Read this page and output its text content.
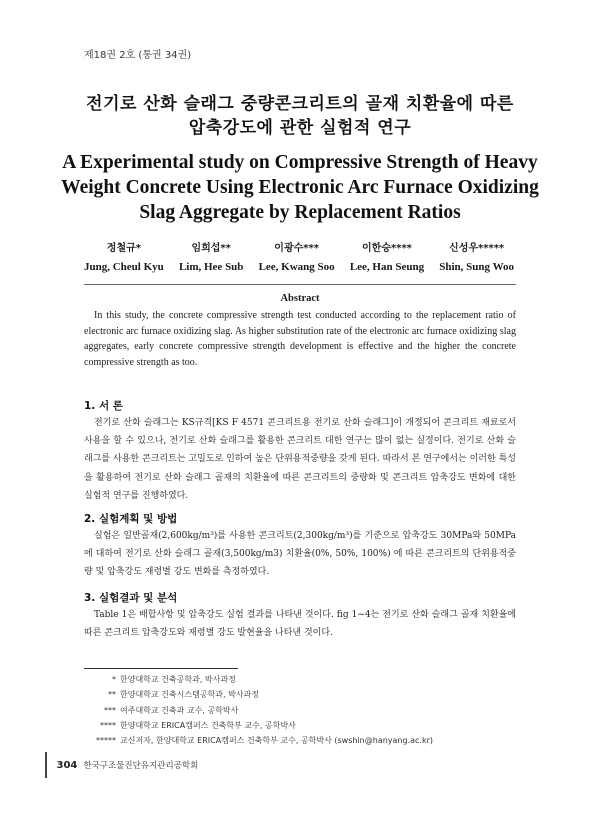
제18권 2호 (통권 34권)
전기로 산화 슬래그 중량콘크리트의 골재 치환율에 따른
압축강도에 관한 실험적 연구
A Experimental study on Compressive Strength of Heavy
Weight Concrete Using Electronic Arc Furnace Oxidizing
Slag Aggregate by Replacement Ratios
정철규*
Jung, Cheul Kyu
임희섭**
Lim, Hee Sub
이광수***
Lee, Kwang Soo
이한승****
Lee, Han Seung
신성우*****
Shin, Sung Woo
Abstract
In this study, the concrete compressive strength test conducted according to the replacement ratio of electronic arc furnace oxidizing slag. As higher substitution rate of the electronic arc furnace oxidizing slag aggregates, early concrete compressive strength development is effective and the higher the concrete compressive strength as too.
1. 서 론
전기로 산화 슬래그는 KS규격[KS F 4571 콘크리트용 전기로 산화 슬래그]이 개정되어 콘크리트 재료로서 사용을 할 수 있으나, 전기로 산화 슬래그를 활용한 콘크리트 대한 연구는 많이 없는 실정이다. 전기로 산화 슬래그를 사용한 콘크리트는 고밀도로 인하여 높은 단위용적중량을 갖게 된다. 따라서 본 연구에서는 이러한 특성을 활용하여 전기로 산화 슬래그 골재의 치환율에 따른 콘크리트의 중량화 및 콘크리트 압축강도 변화에 대한 실험적 연구를 진행하였다.
2. 실험계획 및 방법
실험은 일반골재(2,600kg/m³)를 사용한 콘크리트(2,300kg/m³)를 기준으로 압축강도 30MPa와 50MPa에 대하여 전기로 산화 슬래그 골재(3,500kg/m3) 치환율(0%, 50%, 100%) 에 따른 콘크리트의 단위용적중량 및 압축강도 재령별 강도 변화를 측정하였다.
3. 실험결과 및 분석
Table 1은 배합사항 및 압축강도 실험 결과를 나타낸 것이다. fig 1~4는 전기로 산화 슬래그 골재 치환율에 따른 콘크리트 압축강도와 재령별 강도 발현율을 나타낸 것이다.
* 한양대학교 건축공학과, 박사과정
** 한양대학교 건축시스템공학과, 박사과정
*** 여주대학교 건축과 교수, 공학박사
**** 한양대학교 ERICA캠퍼스 건축학부 교수, 공학박사
***** 교신저자, 한양대학교 ERICA캠퍼스 건축학부 교수, 공학박사 (swshin@hanyang.ac.kr)
304 한국구조물진단유지관리공학회
